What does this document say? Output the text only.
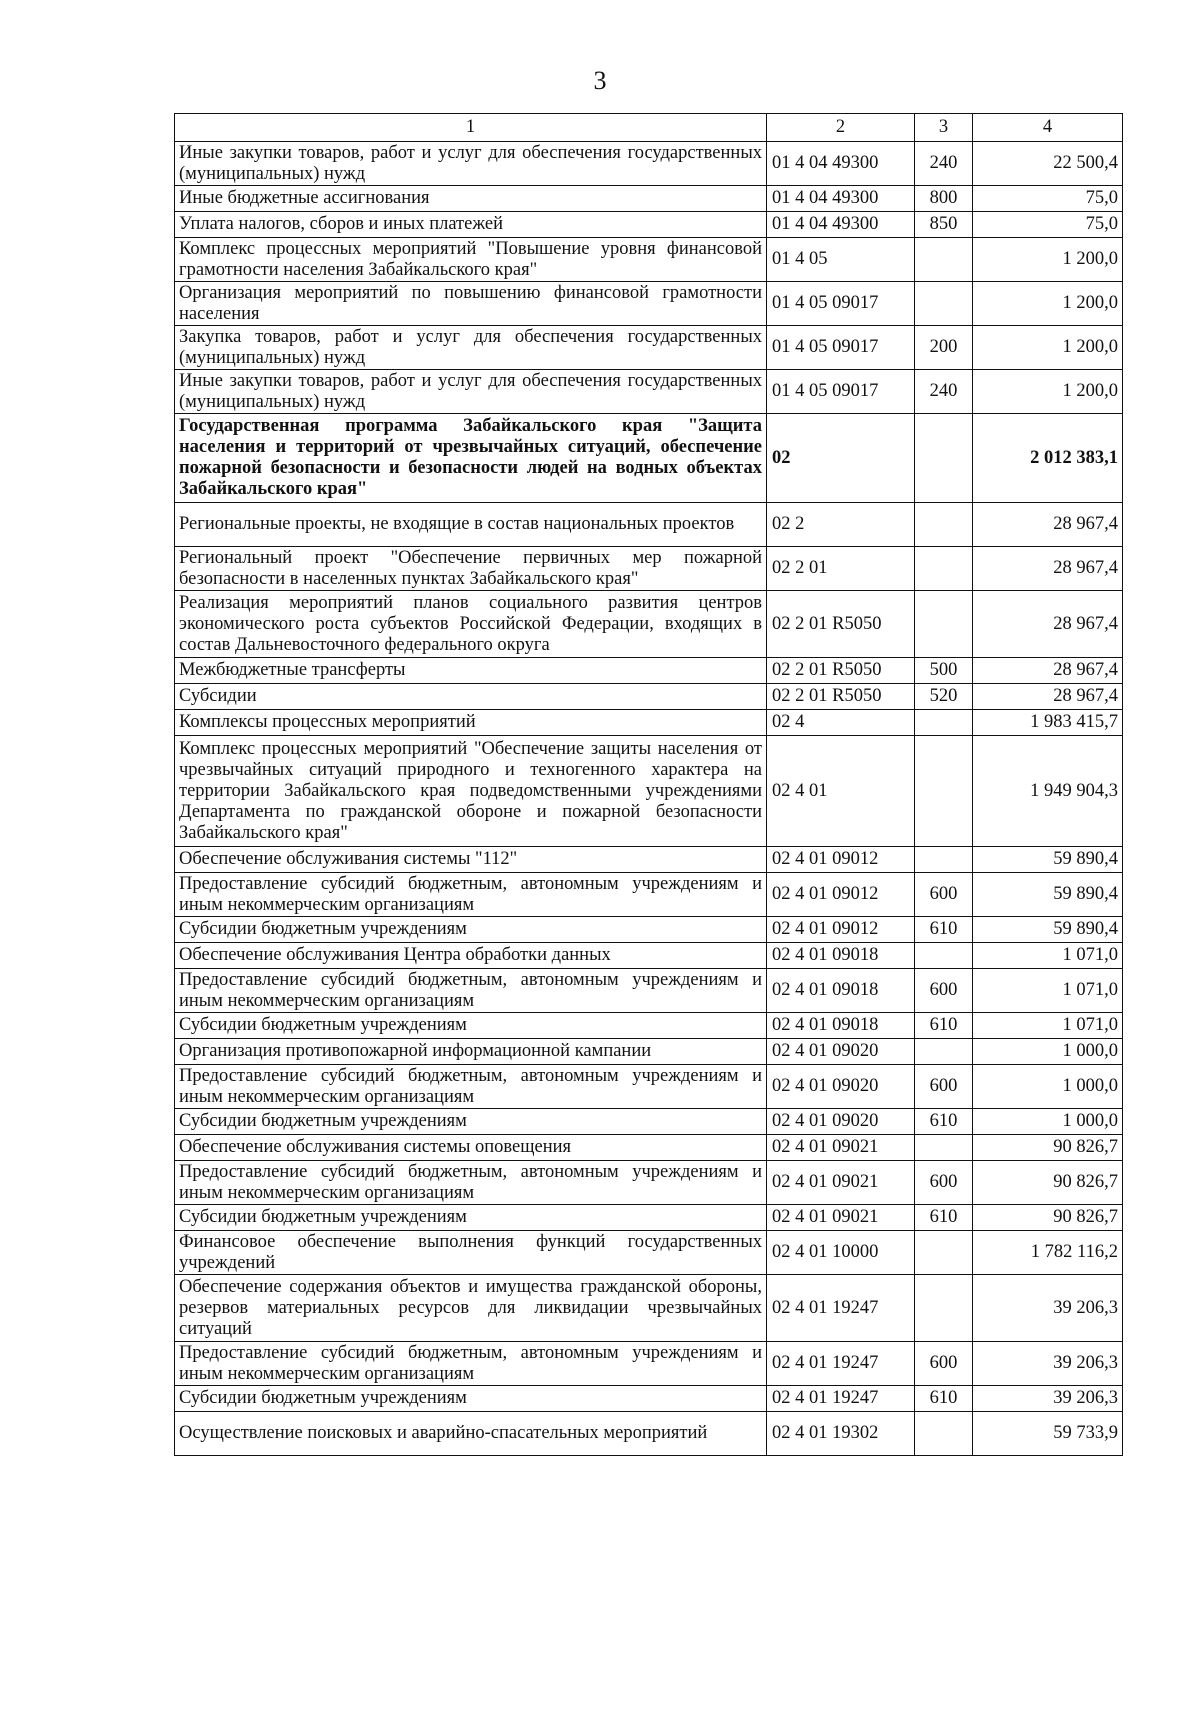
3
1	2	3	4
Иные закупки товаров, работ и услуг для обеспечения государственных (муниципальных) нужд	01 4 04 49300	240	22 500,4
Иные бюджетные ассигнования	01 4 04 49300	800	75,0
Уплата налогов, сборов и иных платежей	01 4 04 49300	850	75,0
Комплекс процессных мероприятий "Повышение уровня финансовой грамотности населения Забайкальского края"	01 4 05		1 200,0
Организация мероприятий по повышению финансовой грамотности населения	01 4 05 09017		1 200,0
Закупка товаров, работ и услуг для обеспечения государственных (муниципальных) нужд	01 4 05 09017	200	1 200,0
Иные закупки товаров, работ и услуг для обеспечения государственных (муниципальных) нужд	01 4 05 09017	240	1 200,0
Государственная программа Забайкальского края "Защита населения и территорий от чрезвычайных ситуаций, обеспечение пожарной безопасности и безопасности людей на водных объектах Забайкальского края"	02		2 012 383,1
Региональные проекты, не входящие в состав национальных проектов	02 2		28 967,4
Региональный проект "Обеспечение первичных мер пожарной безопасности в населенных пунктах Забайкальского края"	02 2 01		28 967,4
Реализация мероприятий планов социального развития центров экономического роста субъектов Российской Федерации, входящих в состав Дальневосточного федерального округа	02 2 01 R5050		28 967,4
Межбюджетные трансферты	02 2 01 R5050	500	28 967,4
Субсидии	02 2 01 R5050	520	28 967,4
Комплексы процессных мероприятий	02 4		1 983 415,7
Комплекс процессных мероприятий "Обеспечение защиты населения от чрезвычайных ситуаций природного и техногенного характера на территории Забайкальского края подведомственными учреждениями Департамента по гражданской обороне и пожарной безопасности Забайкальского края"	02 4 01		1 949 904,3
Обеспечение обслуживания системы "112"	02 4 01 09012		59 890,4
Предоставление субсидий бюджетным, автономным учреждениям и иным некоммерческим организациям	02 4 01 09012	600	59 890,4
Субсидии бюджетным учреждениям	02 4 01 09012	610	59 890,4
Обеспечение обслуживания Центра обработки данных	02 4 01 09018		1 071,0
Предоставление субсидий бюджетным, автономным учреждениям и иным некоммерческим организациям	02 4 01 09018	600	1 071,0
Субсидии бюджетным учреждениям	02 4 01 09018	610	1 071,0
Организация противопожарной информационной кампании	02 4 01 09020		1 000,0
Предоставление субсидий бюджетным, автономным учреждениям и иным некоммерческим организациям	02 4 01 09020	600	1 000,0
Субсидии бюджетным учреждениям	02 4 01 09020	610	1 000,0
Обеспечение обслуживания системы оповещения	02 4 01 09021		90 826,7
Предоставление субсидий бюджетным, автономным учреждениям и иным некоммерческим организациям	02 4 01 09021	600	90 826,7
Субсидии бюджетным учреждениям	02 4 01 09021	610	90 826,7
Финансовое обеспечение выполнения функций государственных учреждений	02 4 01 10000		1 782 116,2
Обеспечение содержания объектов и имущества гражданской обороны, резервов материальных ресурсов для ликвидации чрезвычайных ситуаций	02 4 01 19247		39 206,3
Предоставление субсидий бюджетным, автономным учреждениям и иным некоммерческим организациям	02 4 01 19247	600	39 206,3
Субсидии бюджетным учреждениям	02 4 01 19247	610	39 206,3
Осуществление поисковых и аварийно-спасательных мероприятий	02 4 01 19302		59 733,9
